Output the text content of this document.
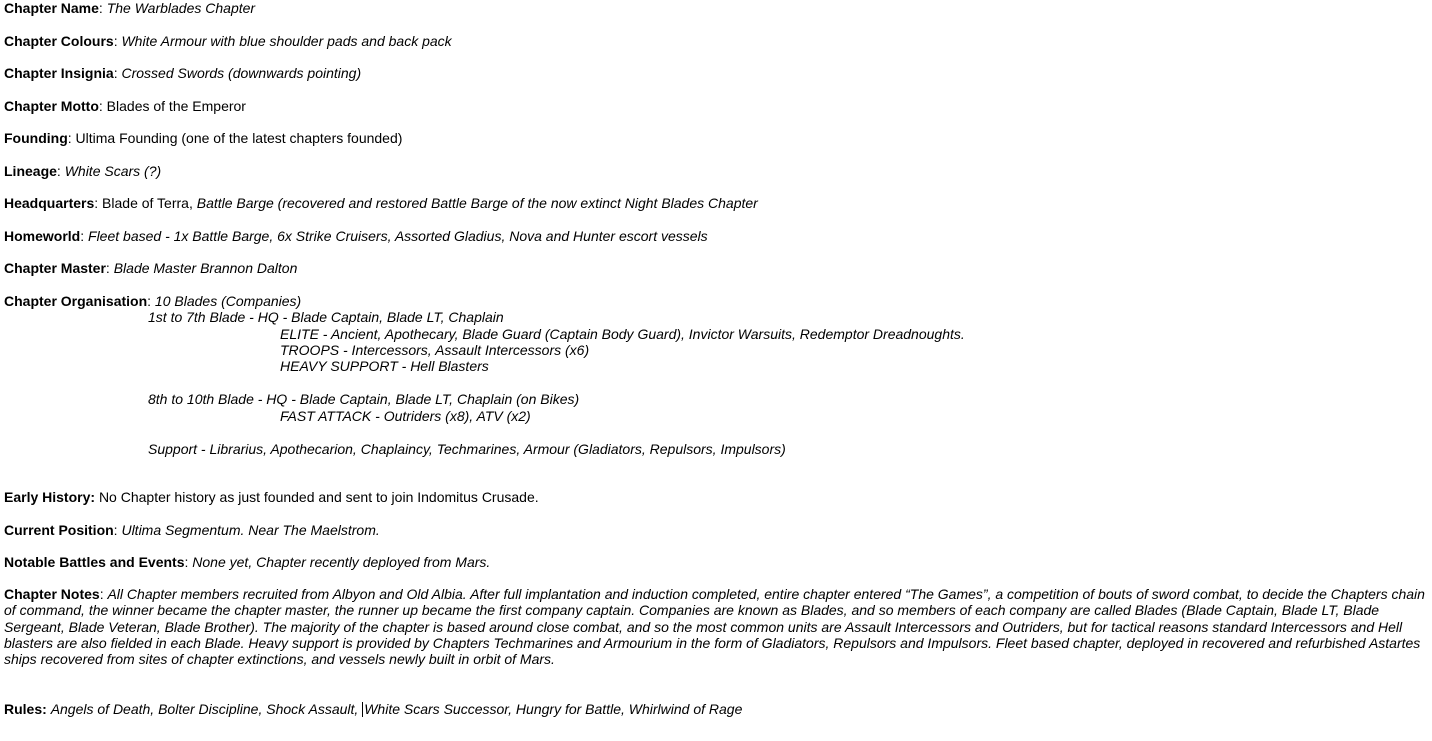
Chapter Name: The Warblades Chapter
Chapter Colours: White Armour with blue shoulder pads and back pack
Chapter Insignia: Crossed Swords (downwards pointing)
Chapter Motto: Blades of the Emperor
Founding: Ultima Founding (one of the latest chapters founded)
Lineage: White Scars (?)
Headquarters: Blade of Terra, Battle Barge (recovered and restored Battle Barge of the now extinct Night Blades Chapter
Homeworld: Fleet based - 1x Battle Barge, 6x Strike Cruisers, Assorted Gladius, Nova and Hunter escort vessels
Chapter Master: Blade Master Brannon Dalton
Chapter Organisation: 10 Blades (Companies)
1st to 7th Blade - HQ - Blade Captain, Blade LT, Chaplain
ELITE - Ancient, Apothecary, Blade Guard (Captain Body Guard), Invictor Warsuits, Redemptor Dreadnoughts.
TROOPS - Intercessors, Assault Intercessors (x6)
HEAVY SUPPORT - Hell Blasters
8th to 10th Blade - HQ - Blade Captain, Blade LT, Chaplain (on Bikes)
FAST ATTACK - Outriders (x8), ATV (x2)
Support - Librarius, Apothecarion, Chaplaincy, Techmarines, Armour (Gladiators, Repulsors, Impulsors)
Early History: No Chapter history as just founded and sent to join Indomitus Crusade.
Current Position: Ultima Segmentum. Near The Maelstrom.
Notable Battles and Events: None yet, Chapter recently deployed from Mars.
Chapter Notes: All Chapter members recruited from Albyon and Old Albia. After full implantation and induction completed, entire chapter entered “The Games”, a competition of bouts of sword combat, to decide the Chapters chain of command, the winner became the chapter master, the runner up became the first company captain. Companies are known as Blades, and so members of each company are called Blades (Blade Captain, Blade LT, Blade Sergeant, Blade Veteran, Blade Brother). The majority of the chapter is based around close combat, and so the most common units are Assault Intercessors and Outriders, but for tactical reasons standard Intercessors and Hell blasters are also fielded in each Blade. Heavy support is provided by Chapters Techmarines and Armourium in the form of Gladiators, Repulsors and Impulsors. Fleet based chapter, deployed in recovered and refurbished Astartes ships recovered from sites of chapter extinctions, and vessels newly built in orbit of Mars.
Rules: Angels of Death, Bolter Discipline, Shock Assault, White Scars Successor, Hungry for Battle, Whirlwind of Rage
